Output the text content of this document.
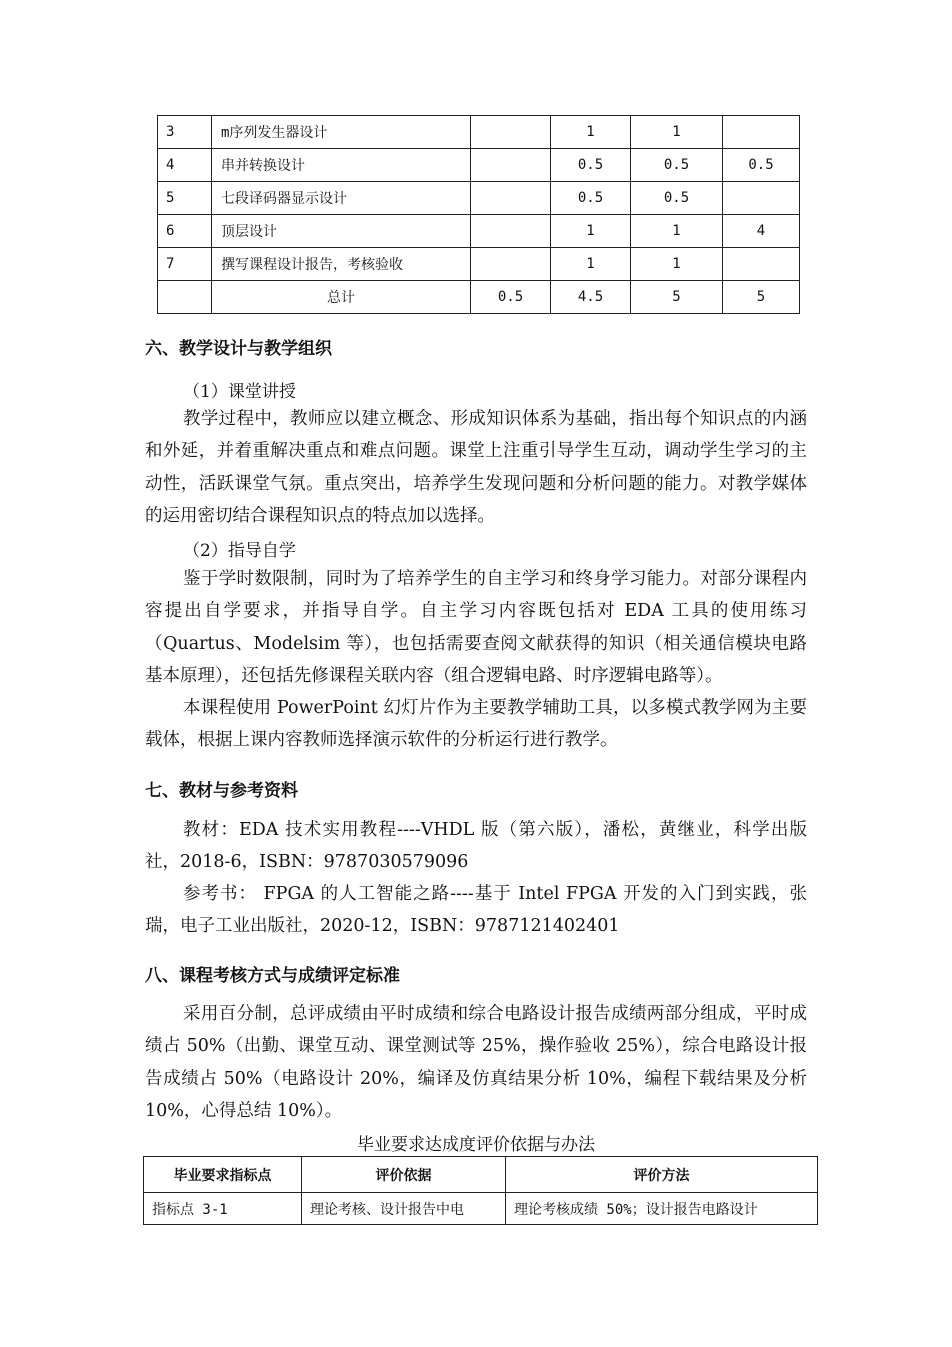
3	m序列发生器设计		1	1	
4	串并转换设计		0.5	0.5	0.5
5	七段译码器显示设计		0.5	0.5	
6	顶层设计		1	1	4
7	撰写课程设计报告，考核验收		1	1	
	总计	0.5	4.5	5	5
六、教学设计与教学组织
（1）课堂讲授

教学过程中，教师应以建立概念、形成知识体系为基础，指出每个知识点的内涵和外延，并着重解决重点和难点问题。课堂上注重引导学生互动，调动学生学习的主动性，活跃课堂气氛。重点突出，培养学生发现问题和分析问题的能力。对教学媒体的运用密切结合课程知识点的特点加以选择。

（2）指导自学

鉴于学时数限制，同时为了培养学生的自主学习和终身学习能力。对部分课程内容提出自学要求，并指导自学。自主学习内容既包括对 EDA 工具的使用练习（Quartus、Modelsim 等），也包括需要查阅文献获得的知识（相关通信模块电路基本原理），还包括先修课程关联内容（组合逻辑电路、时序逻辑电路等）。

本课程使用 PowerPoint 幻灯片作为主要教学辅助工具，以多模式教学网为主要载体，根据上课内容教师选择演示软件的分析运行进行教学。

七、教材与参考资料

教材：EDA 技术实用教程----VHDL 版（第六版），潘松，黄继业，科学出版社，2018-6，ISBN：9787030579096

参考书： FPGA 的人工智能之路----基于 Intel FPGA 开发的入门到实践，张瑞，电子工业出版社，2020-12，ISBN：9787121402401

八、课程考核方式与成绩评定标准

采用百分制，总评成绩由平时成绩和综合电路设计报告成绩两部分组成，平时成绩占 50%（出勤、课堂互动、课堂测试等 25%，操作验收 25%），综合电路设计报告成绩占 50%（电路设计 20%，编译及仿真结果分析 10%，编程下载结果及分析 10%，心得总结 10%）。

毕业要求达成度评价依据与办法
毕业要求指标点	评价依据	评价方法
指标点 3-1	理论考核、设计报告中电	理论考核成绩 50%；设计报告电路设计
